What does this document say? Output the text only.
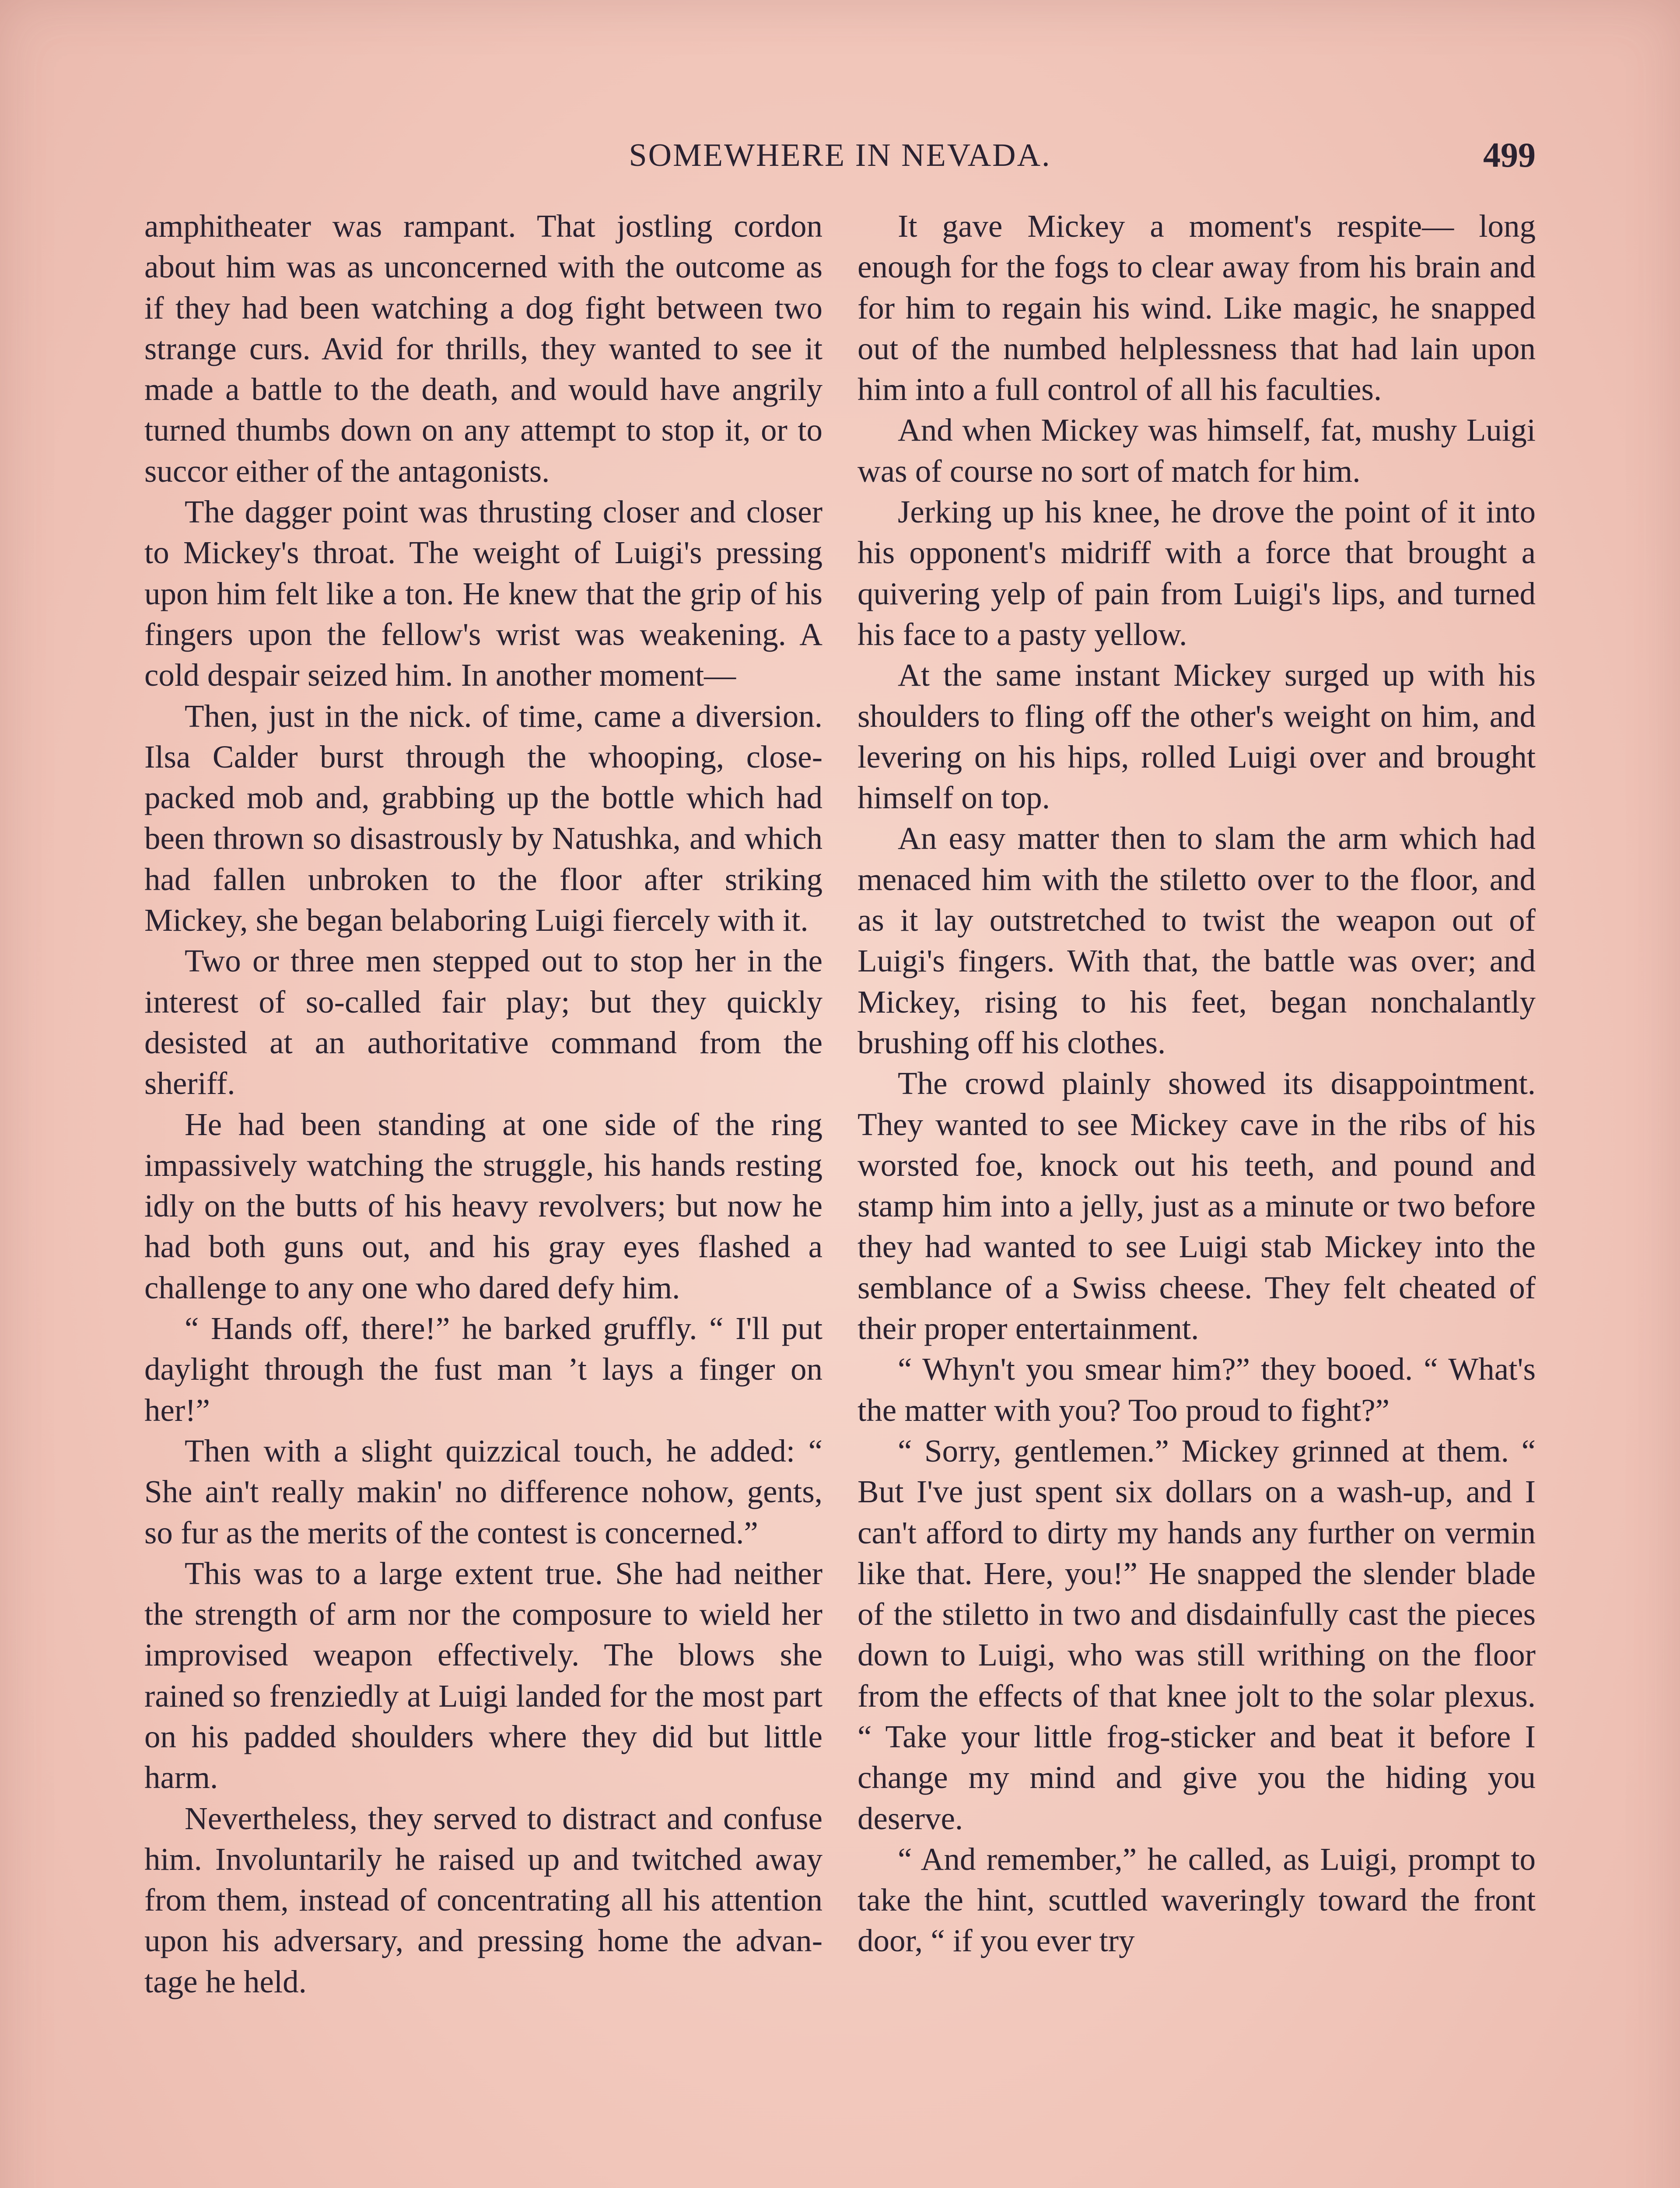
SOMEWHERE IN NEVADA.	499

amphitheater was rampant. That jostling cordon about him was as unconcerned with the outcome as if they had been watching a dog fight between two strange curs. Avid for thrills, they wanted to see it made a battle to the death, and would have angrily turned thumbs down on any attempt to stop it, or to succor either of the antagonists.

The dagger point was thrusting closer and closer to Mickey's throat. The weight of Luigi's pressing upon him felt like a ton. He knew that the grip of his fingers upon the fellow's wrist was weakening. A cold despair seized him. In another moment—

Then, just in the nick. of time, came a diversion. Ilsa Calder burst through the whooping, close-packed mob and, grabbing up the bottle which had been thrown so disastrously by Natushka, and which had fallen unbroken to the floor after striking Mickey, she began belaboring Luigi fiercely with it.

Two or three men stepped out to stop her in the interest of so-called fair play; but they quickly desisted at an authoritative command from the sheriff.

He had been standing at one side of the ring impassively watching the struggle, his hands resting idly on the butts of his heavy revolvers; but now he had both guns out, and his gray eyes flashed a challenge to any one who dared defy him.

“ Hands off, there!” he barked gruffly. “ I'll put daylight through the fust man ’t lays a finger on her!”

Then with a slight quizzical touch, he added: “ She ain't really makin' no difference nohow, gents, so fur as the merits of the contest is concerned.”

This was to a large extent true. She had neither the strength of arm nor the composure to wield her improvised weapon effectively. The blows she rained so frenziedly at Luigi landed for the most part on his padded shoulders where they did but little harm.

Nevertheless, they served to distract and confuse him. Involuntarily he raised up and twitched away from them, instead of concentrating all his attention upon his adversary, and pressing home the advantage he held.

It gave Mickey a moment's respite— long enough for the fogs to clear away from his brain and for him to regain his wind. Like magic, he snapped out of the numbed helplessness that had lain upon him into a full control of all his faculties.

And when Mickey was himself, fat, mushy Luigi was of course no sort of match for him.

Jerking up his knee, he drove the point of it into his opponent's midriff with a force that brought a quivering yelp of pain from Luigi's lips, and turned his face to a pasty yellow.

At the same instant Mickey surged up with his shoulders to fling off the other's weight on him, and levering on his hips, rolled Luigi over and brought himself on top.

An easy matter then to slam the arm which had menaced him with the stiletto over to the floor, and as it lay outstretched to twist the weapon out of Luigi's fingers. With that, the battle was over; and Mickey, rising to his feet, began nonchalantly brushing off his clothes.

The crowd plainly showed its disappointment. They wanted to see Mickey cave in the ribs of his worsted foe, knock out his teeth, and pound and stamp him into a jelly, just as a minute or two before they had wanted to see Luigi stab Mickey into the semblance of a Swiss cheese. They felt cheated of their proper entertainment.

“ Whyn't you smear him?” they booed. “ What's the matter with you? Too proud to fight?”

“ Sorry, gentlemen.” Mickey grinned at them. “ But I've just spent six dollars on a wash-up, and I can't afford to dirty my hands any further on vermin like that. Here, you!” He snapped the slender blade of the stiletto in two and disdainfully cast the pieces down to Luigi, who was still writhing on the floor from the effects of that knee jolt to the solar plexus. “ Take your little frog-sticker and beat it before I change my mind and give you the hiding you deserve.

“ And remember,” he called, as Luigi, prompt to take the hint, scuttled waveringly toward the front door, “ if you ever try
